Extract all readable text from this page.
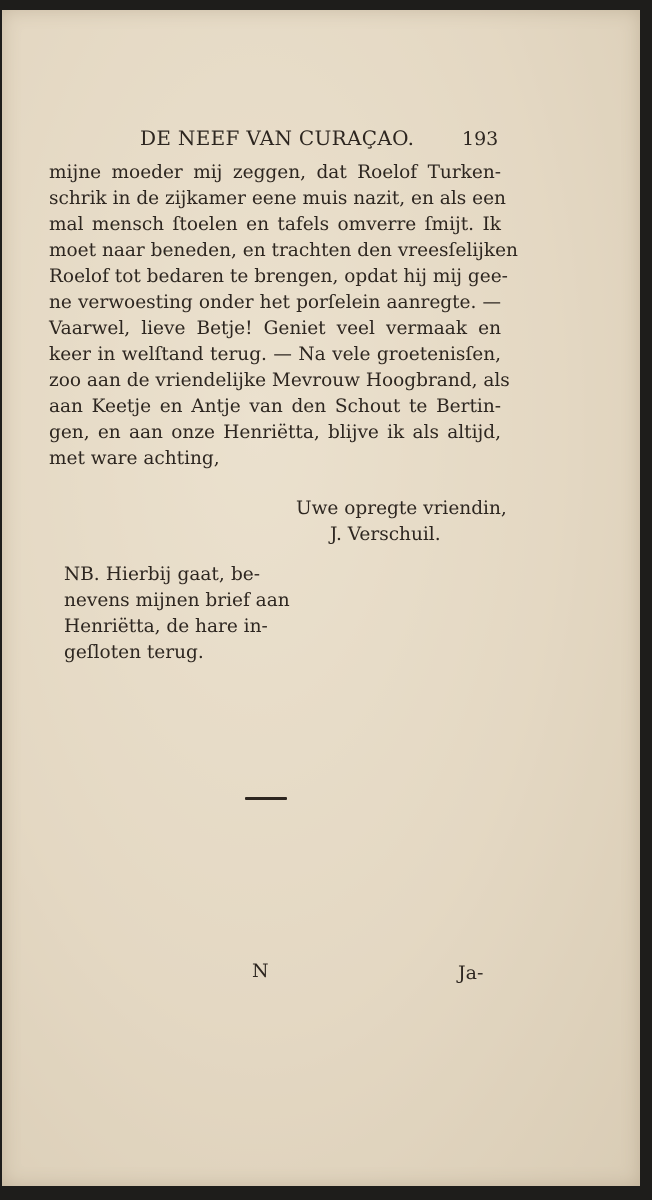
DE NEEF VAN CURAÇAO.	193
mijne moeder mij zeggen, dat Roelof Turken-
schrik in de zijkamer eene muis nazit, en als een
mal mensch ſtoelen en tafels omverre ſmijt. Ik
moet naar beneden, en trachten den vreesſelijken
Roelof tot bedaren te brengen, opdat hij mij gee-
ne verwoesting onder het porſelein aanregte. —
Vaarwel, lieve Betje! Geniet veel vermaak en
keer in welſtand terug. — Na vele groetenisſen,
zoo aan de vriendelijke Mevrouw Hoogbrand, als
aan Keetje en Antje van den Schout te Bertin-
gen, en aan onze Henriëtta, blijve ik als altijd,
met ware achting,
Uwe opregte vriendin,
J. Verschuil.
NB. Hierbij gaat, be-
nevens mijnen brief aan
Henriëtta, de hare in-
geſloten terug.
N	Ja-
